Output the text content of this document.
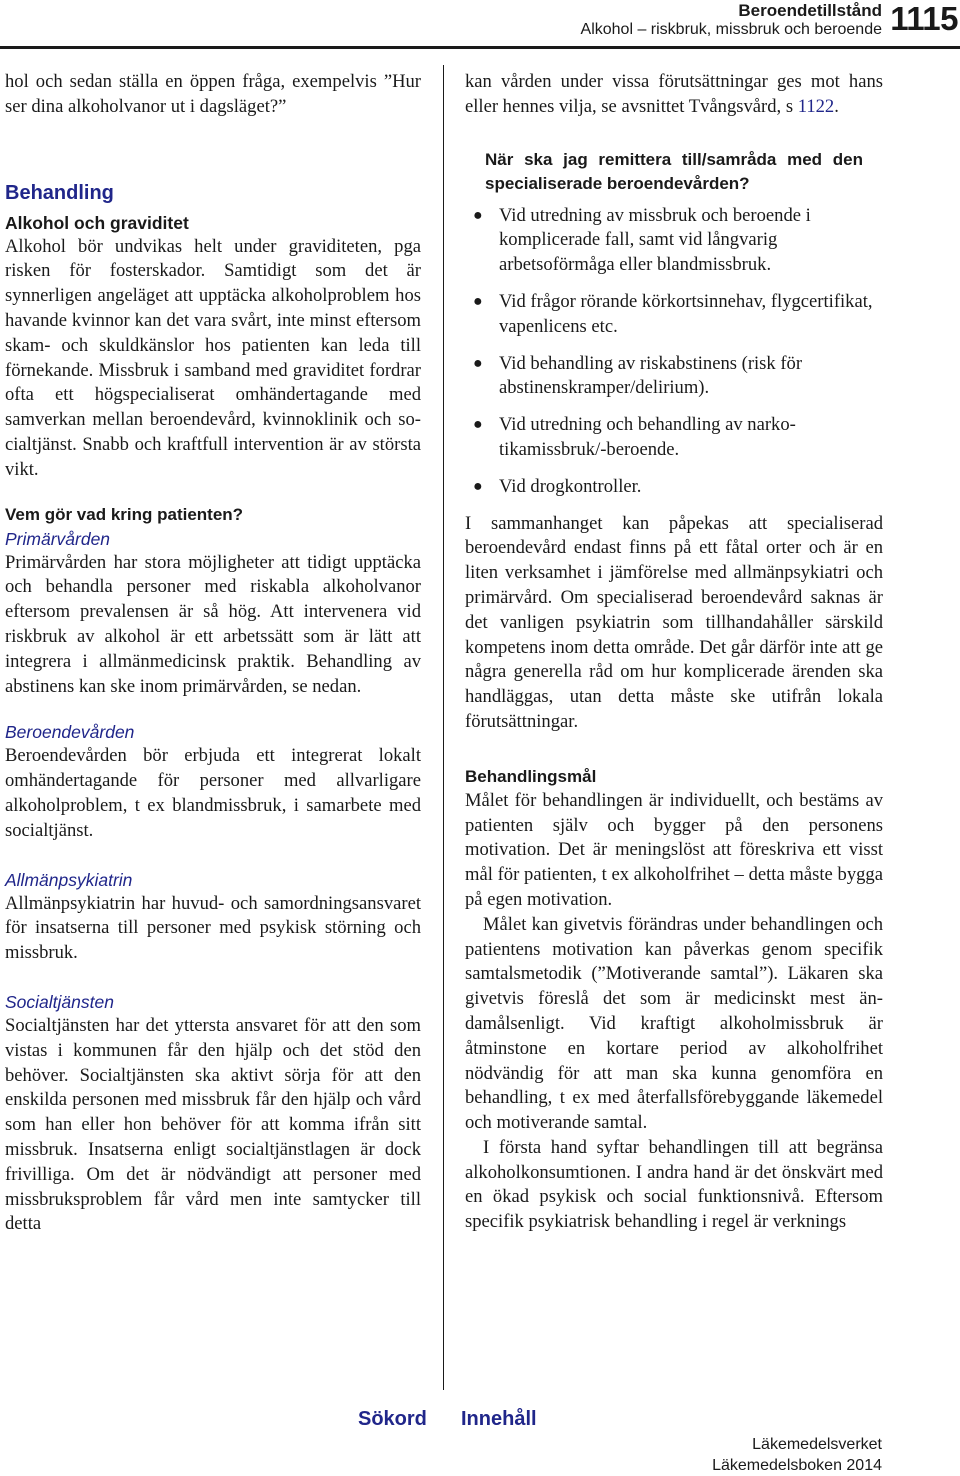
Beroendetillstånd
Alkohol – riskbruk, missbruk och beroende 1115

hol och sedan ställa en öppen fråga, exempelvis ”Hur ser dina alkoholvanor ut i dagsläget?”

Behandling

Alkohol och graviditet

Alkohol bör undvikas helt under graviditeten, pga risken för fosterskador. Samtidigt som det är synnerligen angeläget att upptäcka alkoholproblem hos havande kvinnor kan det vara svårt, inte minst eftersom skam- och skuldkänslor hos patienten kan leda till förnekande. Missbruk i samband med graviditet fordrar ofta ett högspecialiserat omhändertagande med samverkan mellan beroendevård, kvinnoklinik och socialtjänst. Snabb och kraftfull intervention är av största vikt.

Vem gör vad kring patienten?

Primärvården

Primärvården har stora möjligheter att tidigt upptäcka och behandla personer med riskabla alkoholvanor eftersom prevalensen är så hög. Att intervenera vid riskbruk av alkohol är ett arbetssätt som är lätt att integrera i allmänmedicinsk praktik. Behandling av abstinens kan ske inom primärvården, se nedan.

Beroendevården

Beroendevården bör erbjuda ett integrerat lokalt omhändertagande för personer med allvarligare alkoholproblem, t ex blandmissbruk, i samarbete med socialtjänst.

Allmänpsykiatrin

Allmänpsykiatrin har huvud- och samordningsansvaret för insatserna till personer med psykisk störning och missbruk.

Socialtjänsten

Socialtjänsten har det yttersta ansvaret för att den som vistas i kommunen får den hjälp och det stöd den behöver. Socialtjänsten ska aktivt sörja för att den enskilda personen med missbruk får den hjälp och vård som han eller hon behöver för att komma ifrån sitt missbruk. Insatserna enligt socialtjänstlagen är dock frivilliga. Om det är nödvändigt att personer med missbruksproblem får vård men inte samtycker till detta

kan vården under vissa förutsättningar ges mot hans eller hennes vilja, se avsnittet Tvångsvård, s 1122.

När ska jag remittera till/samråda med den specialiserade beroendevården?

● Vid utredning av missbruk och beroende i komplicerade fall, samt vid långvarig arbetsoförmåga eller blandmissbruk.
● Vid frågor rörande körkortsinnehav, flygcertifikat, vapenlicens etc.
● Vid behandling av riskabstinens (risk för abstinenskramper/delirium).
● Vid utredning och behandling av narkotikamissbruk/-beroende.
● Vid drogkontroller.

I sammanhanget kan påpekas att specialiserad beroendevård endast finns på ett fåtal orter och är en liten verksamhet i jämförelse med allmänpsykiatri och primärvård. Om specialiserad beroendevård saknas är det vanligen psykiatrin som tillhandahåller särskild kompetens inom detta område. Det går därför inte att ge några generella råd om hur komplicerade ärenden ska handläggas, utan detta måste ske utifrån lokala förutsättningar.

Behandlingsmål

Målet för behandlingen är individuellt, och bestäms av patienten själv och bygger på den personens motivation. Det är meningslöst att föreskriva ett visst mål för patienten, t ex alkoholfrihet – detta måste bygga på egen motivation.

Målet kan givetvis förändras under behandlingen och patientens motivation kan påverkas genom specifik samtalsmetodik (”Motiverande samtal”). Läkaren ska givetvis föreslå det som är medicinskt mest ändamålsenligt. Vid kraftigt alkoholmissbruk är åtminstone en kortare period av alkoholfrihet nödvändig för att man ska kunna genomföra en behandling, t ex med återfallsförebyggande läkemedel och motiverande samtal.

I första hand syftar behandlingen till att begränsa alkoholkonsumtionen. I andra hand är det önskvärt med en ökad psykisk och social funktionsnivå. Eftersom specifik psykiatrisk behandling i regel är verknings

Sökord Innehåll
Läkemedelsverket
Läkemedelsboken 2014
